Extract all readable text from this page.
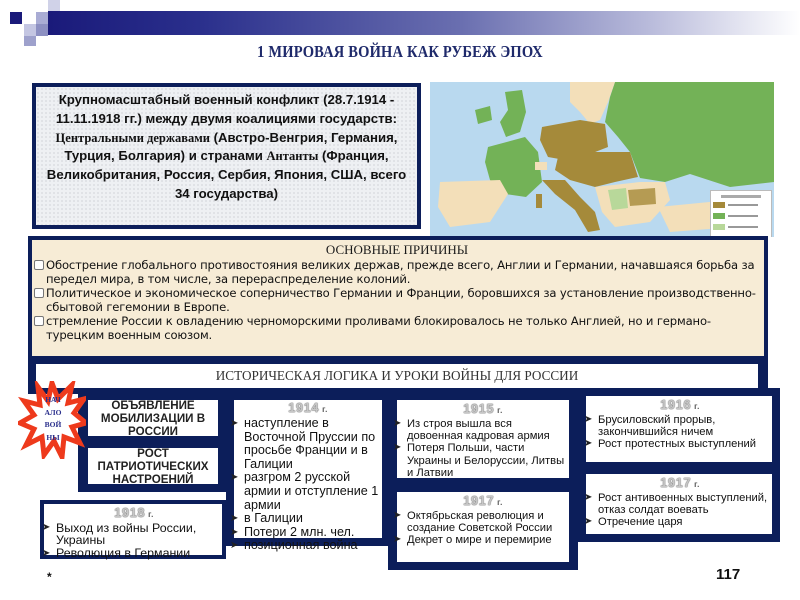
1 МИРОВАЯ ВОЙНА КАК РУБЕЖ ЭПОХ
Крупномасштабный военный конфликт (28.7.1914 - 11.11.1918 гг.) между двумя коалициями государств: Центральными державами (Австро-Венгрия, Германия, Турция, Болгария) и странами Антанты (Франция, Великобритания, Россия, Сербия, Япония, США, всего 34 государства)
ОСНОВНЫЕ ПРИЧИНЫ
Обострение глобального противостояния великих держав, прежде всего, Англии и Германии, начавшаяся борьба за передел мира, в том числе, за перераспределение колоний.
Политическое и экономическое соперничество Германии и Франции, боровшихся за установление производственно-сбытовой гегемонии в Европе.
стремление России к овладению черноморскими проливами блокировалось не только Англией, но и германо-турецким военным союзом.
ИСТОРИЧЕСКАЯ ЛОГИКА И УРОКИ ВОЙНЫ ДЛЯ РОССИИ
ОБЪЯВЛЕНИЕ МОБИЛИЗАЦИИ В РОССИИ
РОСТ ПАТРИОТИЧЕСКИХ НАСТРОЕНИЙ
1914 г.
➤ наступление в Восточной Пруссии по просьбе Франции и в Галиции
➤ разгром 2 русской армии и отступление 1 армии
➤ в Галиции
➤ Потери 2 млн. чел.
➤ позиционная война
1915 г.
➤ Из строя вышла вся довоенная кадровая армия
➤ Потеря Польши, части Украины и Белоруссии, Литвы и Латвии
1917 г.
➤ Октябрьская революция и создание Советской России
➤ Декрет о мире и перемирие
1916 г.
➤ Брусиловский прорыв, закончившийся ничем
➤ Рост протестных выступлений
1917 г.
➤ Рост антивоенных выступлений, отказ солдат воевать
➤ Отречение царя
1918 г.
➤ Выход из войны России, Украины
➤ Революция в Германии
НАЧ
АЛО
ВОЙ
НЫ
*	117
